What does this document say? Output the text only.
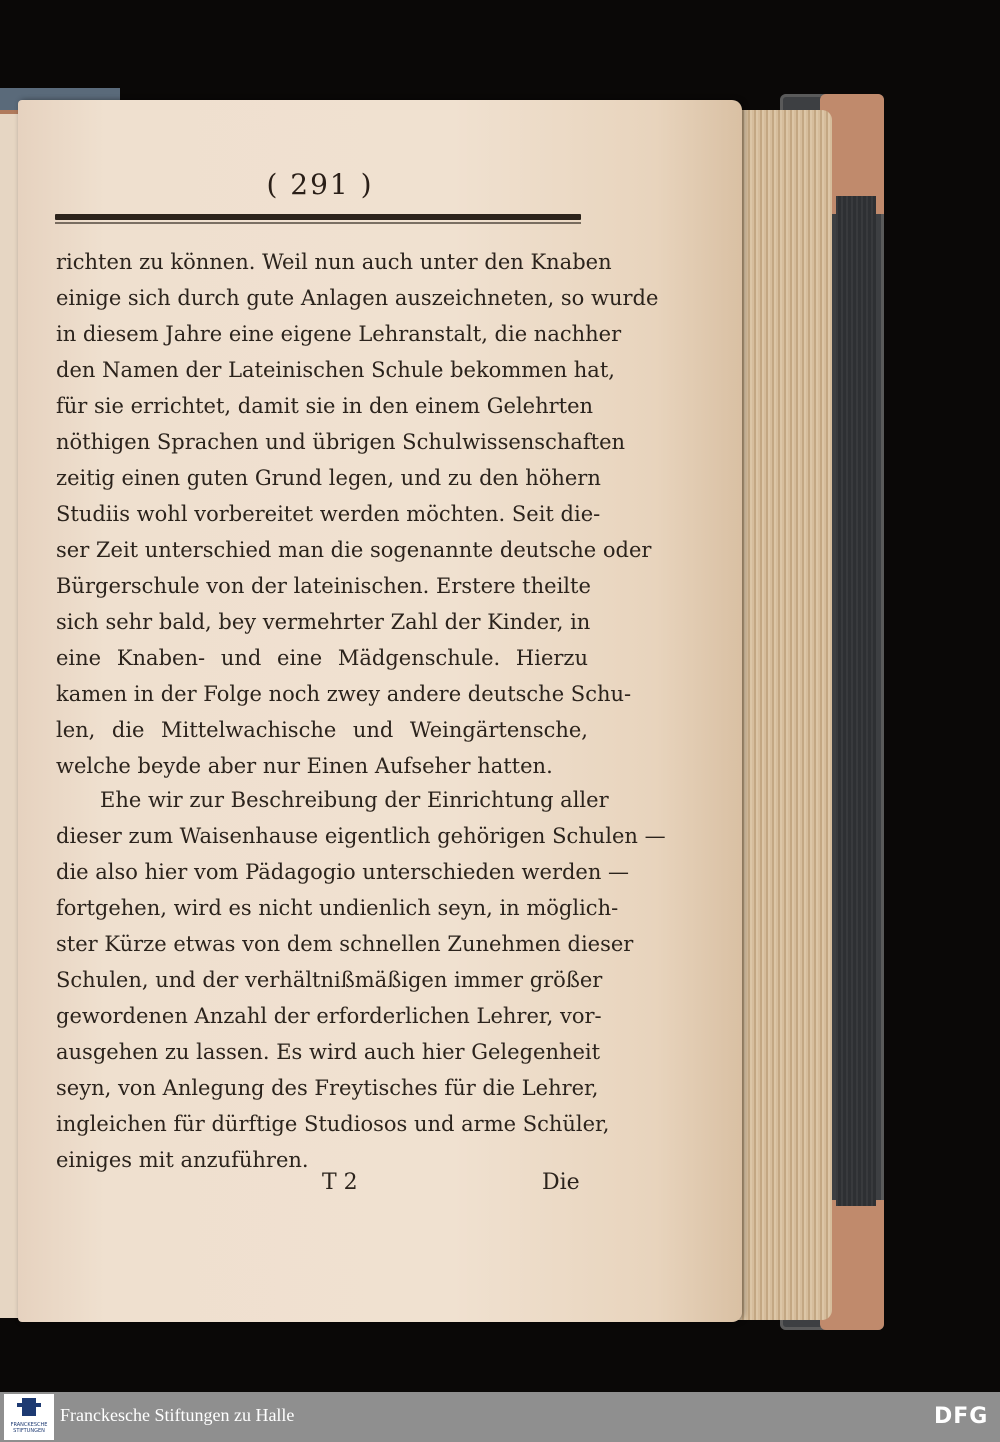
( 291 )
richten zu können. Weil nun auch unter den Knaben
einige sich durch gute Anlagen auszeichneten, so wurde
in diesem Jahre eine eigene Lehranstalt, die nachher
den Namen der Lateinischen Schule bekommen hat,
für sie errichtet, damit sie in den einem Gelehrten
nöthigen Sprachen und übrigen Schulwissenschaften
zeitig einen guten Grund legen, und zu den höhern
Studiis wohl vorbereitet werden möchten. Seit die-
ser Zeit unterschied man die sogenannte deutsche oder
Bürgerschule von der lateinischen. Erstere theilte
sich sehr bald, bey vermehrter Zahl der Kinder, in
eine Knaben- und eine Mädgenschule. Hierzu
kamen in der Folge noch zwey andere deutsche Schu-
len, die Mittelwachische und Weingärtensche,
welche beyde aber nur Einen Aufseher hatten.
Ehe wir zur Beschreibung der Einrichtung aller
dieser zum Waisenhause eigentlich gehörigen Schulen —
die also hier vom Pädagogio unterschieden werden —
fortgehen, wird es nicht undienlich seyn, in möglich-
ster Kürze etwas von dem schnellen Zunehmen dieser
Schulen, und der verhältnißmäßigen immer größer
gewordenen Anzahl der erforderlichen Lehrer, vor-
ausgehen zu lassen. Es wird auch hier Gelegenheit
seyn, von Anlegung des Freytisches für die Lehrer,
ingleichen für dürftige Studiosos und arme Schüler,
einiges mit anzuführen.
T 2	Die
FRANCKESCHE
STIFTUNGEN
Franckesche Stiftungen zu Halle	DFG
